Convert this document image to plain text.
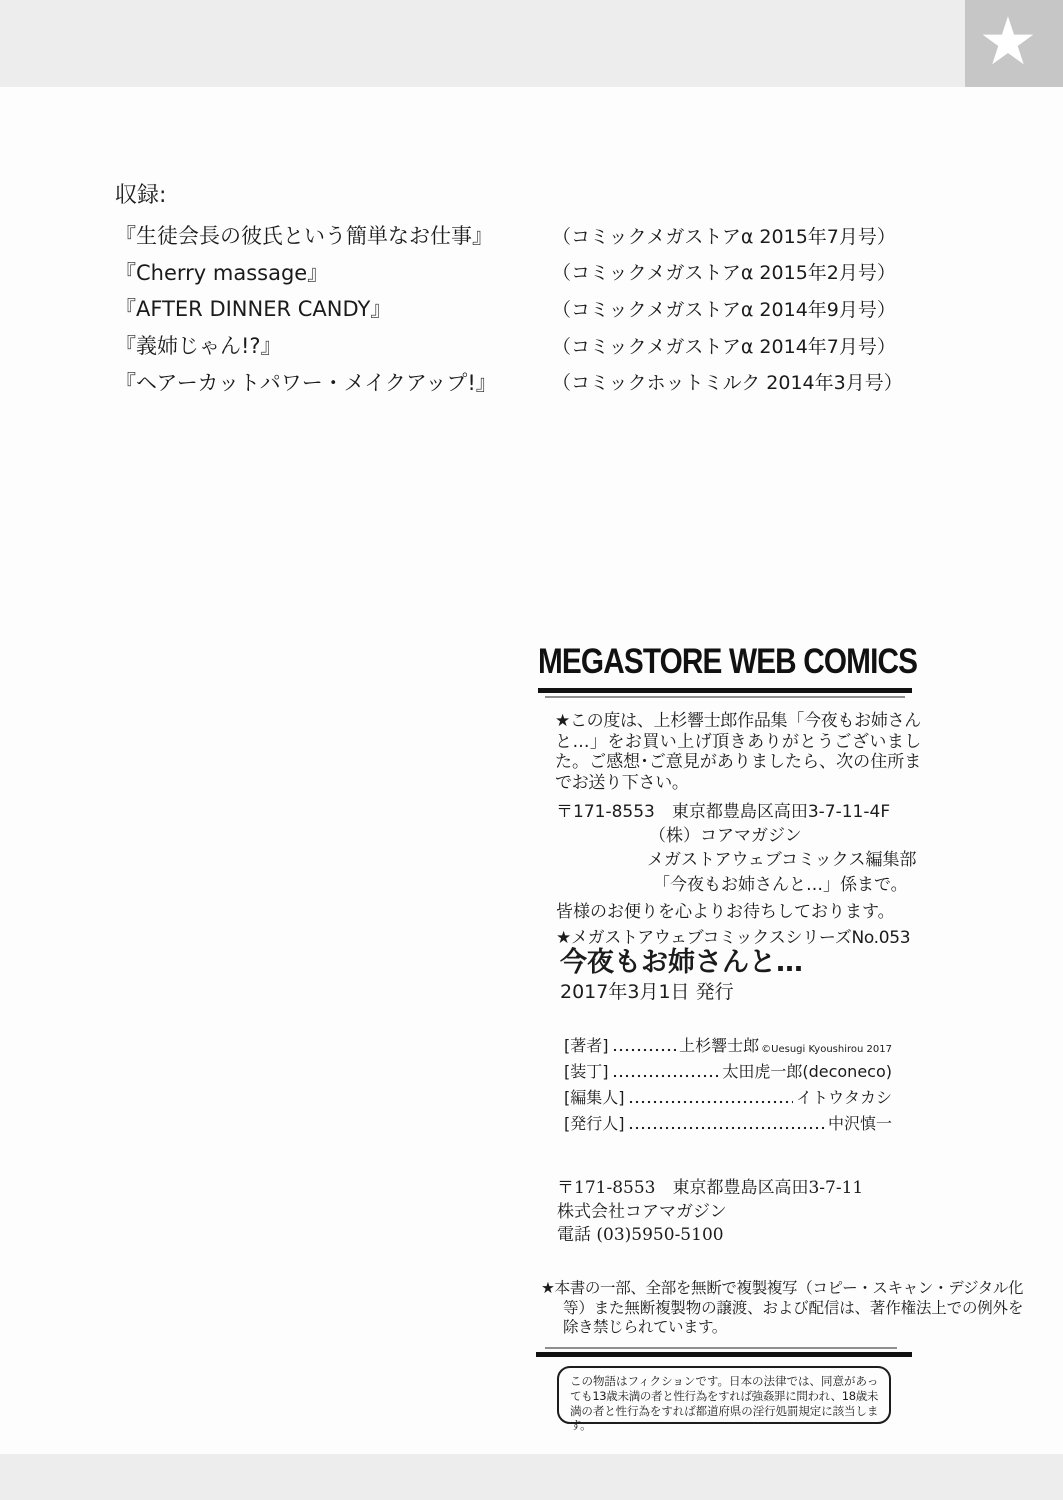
★
収録:
『生徒会長の彼氏という簡単なお仕事』	（コミックメガストアα 2015年7月号）
『Cherry massage』	（コミックメガストアα 2015年2月号）
『AFTER DINNER CANDY』	（コミックメガストアα 2014年9月号）
『義姉じゃん!?』	（コミックメガストアα 2014年7月号）
『ヘアーカットパワー・メイクアップ!』	（コミックホットミルク 2014年3月号）
MEGASTORE WEB COMICS
★この度は、上杉響士郎作品集「今夜もお姉さんと…」をお買い上げ頂きありがとうございました。ご感想･ご意見がありましたら、次の住所までお送り下さい。
〒171-8553　東京都豊島区高田3-7-11-4F
（株）コアマガジン
メガストアウェブコミックス編集部
「今夜もお姉さんと…」係まで。
皆様のお便りを心よりお待ちしております。
★メガストアウェブコミックスシリーズNo.053
今夜もお姉さんと…
2017年3月1日 発行
[著者]	上杉響士郎 ©Uesugi Kyoushirou 2017
[装丁]	太田虎一郎(deconeco)
[編集人]	イトウタカシ
[発行人]	中沢慎一
〒171-8553　東京都豊島区高田3-7-11
株式会社コアマガジン
電話 (03)5950-5100
★本書の一部、全部を無断で複製複写（コピー・スキャン・デジタル化等）また無断複製物の譲渡、および配信は、著作権法上での例外を除き禁じられています。
この物語はフィクションです。日本の法律では、同意があっても13歳未満の者と性行為をすれば強姦罪に問われ、18歳未満の者と性行為をすれば都道府県の淫行処罰規定に該当します。
